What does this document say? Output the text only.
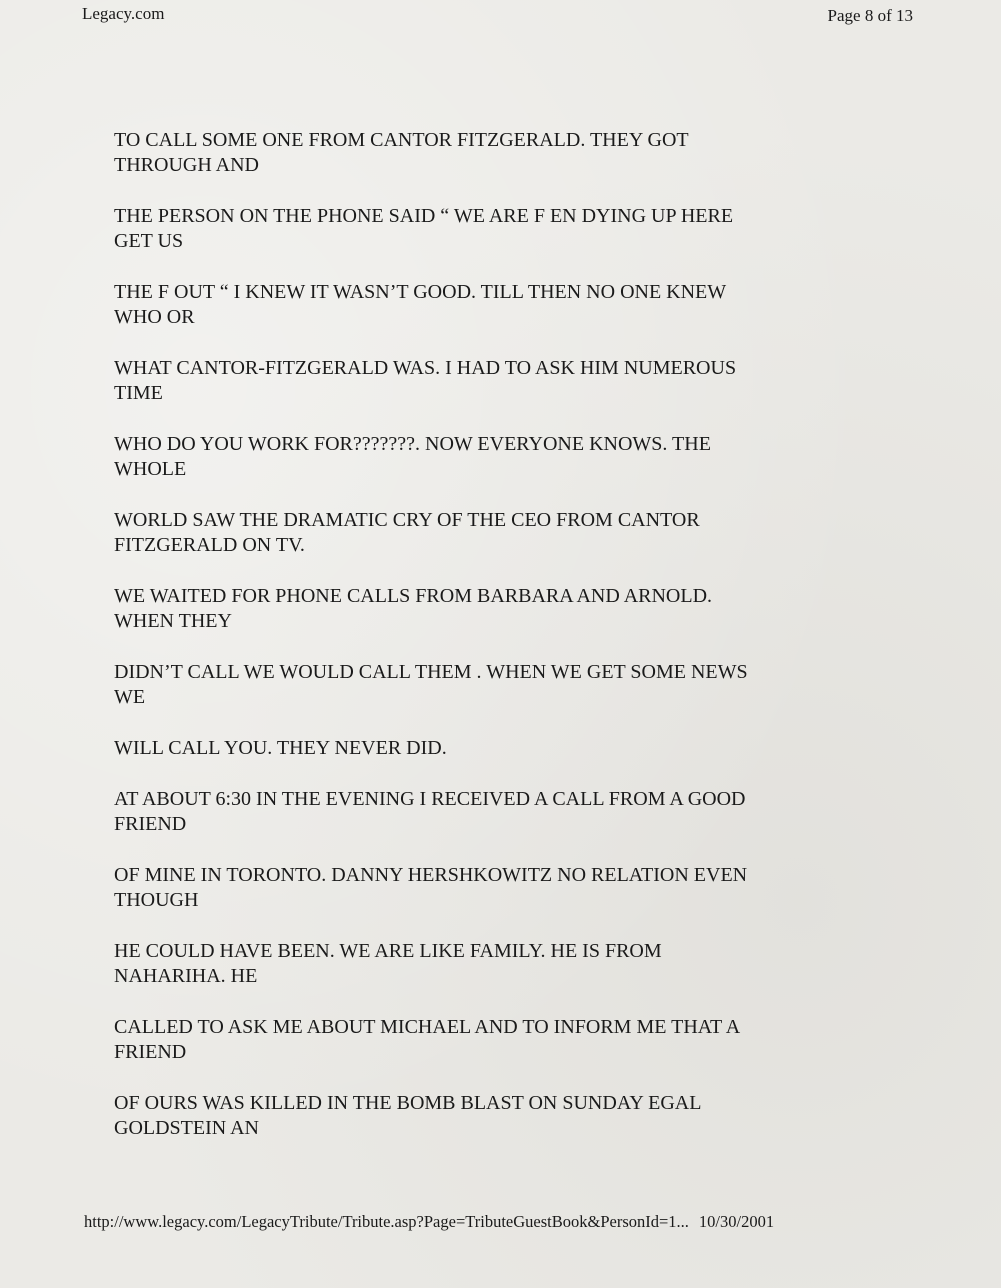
Legacy.com	Page 8 of 13

TO CALL SOME ONE FROM CANTOR FITZGERALD. THEY GOT THROUGH AND

THE PERSON ON THE PHONE SAID “ WE ARE F EN DYING UP HERE GET US

THE F OUT “ I KNEW IT WASN’T GOOD. TILL THEN NO ONE KNEW WHO OR

WHAT CANTOR-FITZGERALD WAS. I HAD TO ASK HIM NUMEROUS TIME

WHO DO YOU WORK FOR???????. NOW EVERYONE KNOWS. THE WHOLE

WORLD SAW THE DRAMATIC CRY OF THE CEO FROM CANTOR FITZGERALD ON TV.

WE WAITED FOR PHONE CALLS FROM BARBARA AND ARNOLD. WHEN THEY

DIDN’T CALL WE WOULD CALL THEM . WHEN WE GET SOME NEWS WE

WILL CALL YOU. THEY NEVER DID.

AT ABOUT 6:30 IN THE EVENING I RECEIVED A CALL FROM A GOOD FRIEND

OF MINE IN TORONTO. DANNY HERSHKOWITZ NO RELATION EVEN THOUGH

HE COULD HAVE BEEN. WE ARE LIKE FAMILY. HE IS FROM NAHARIHA. HE

CALLED TO ASK ME ABOUT MICHAEL AND TO INFORM ME THAT A FRIEND

OF OURS WAS KILLED IN THE BOMB BLAST ON SUNDAY EGAL GOLDSTEIN AN

http://www.legacy.com/LegacyTribute/Tribute.asp?Page=TributeGuestBook&PersonId=1... 10/30/2001
